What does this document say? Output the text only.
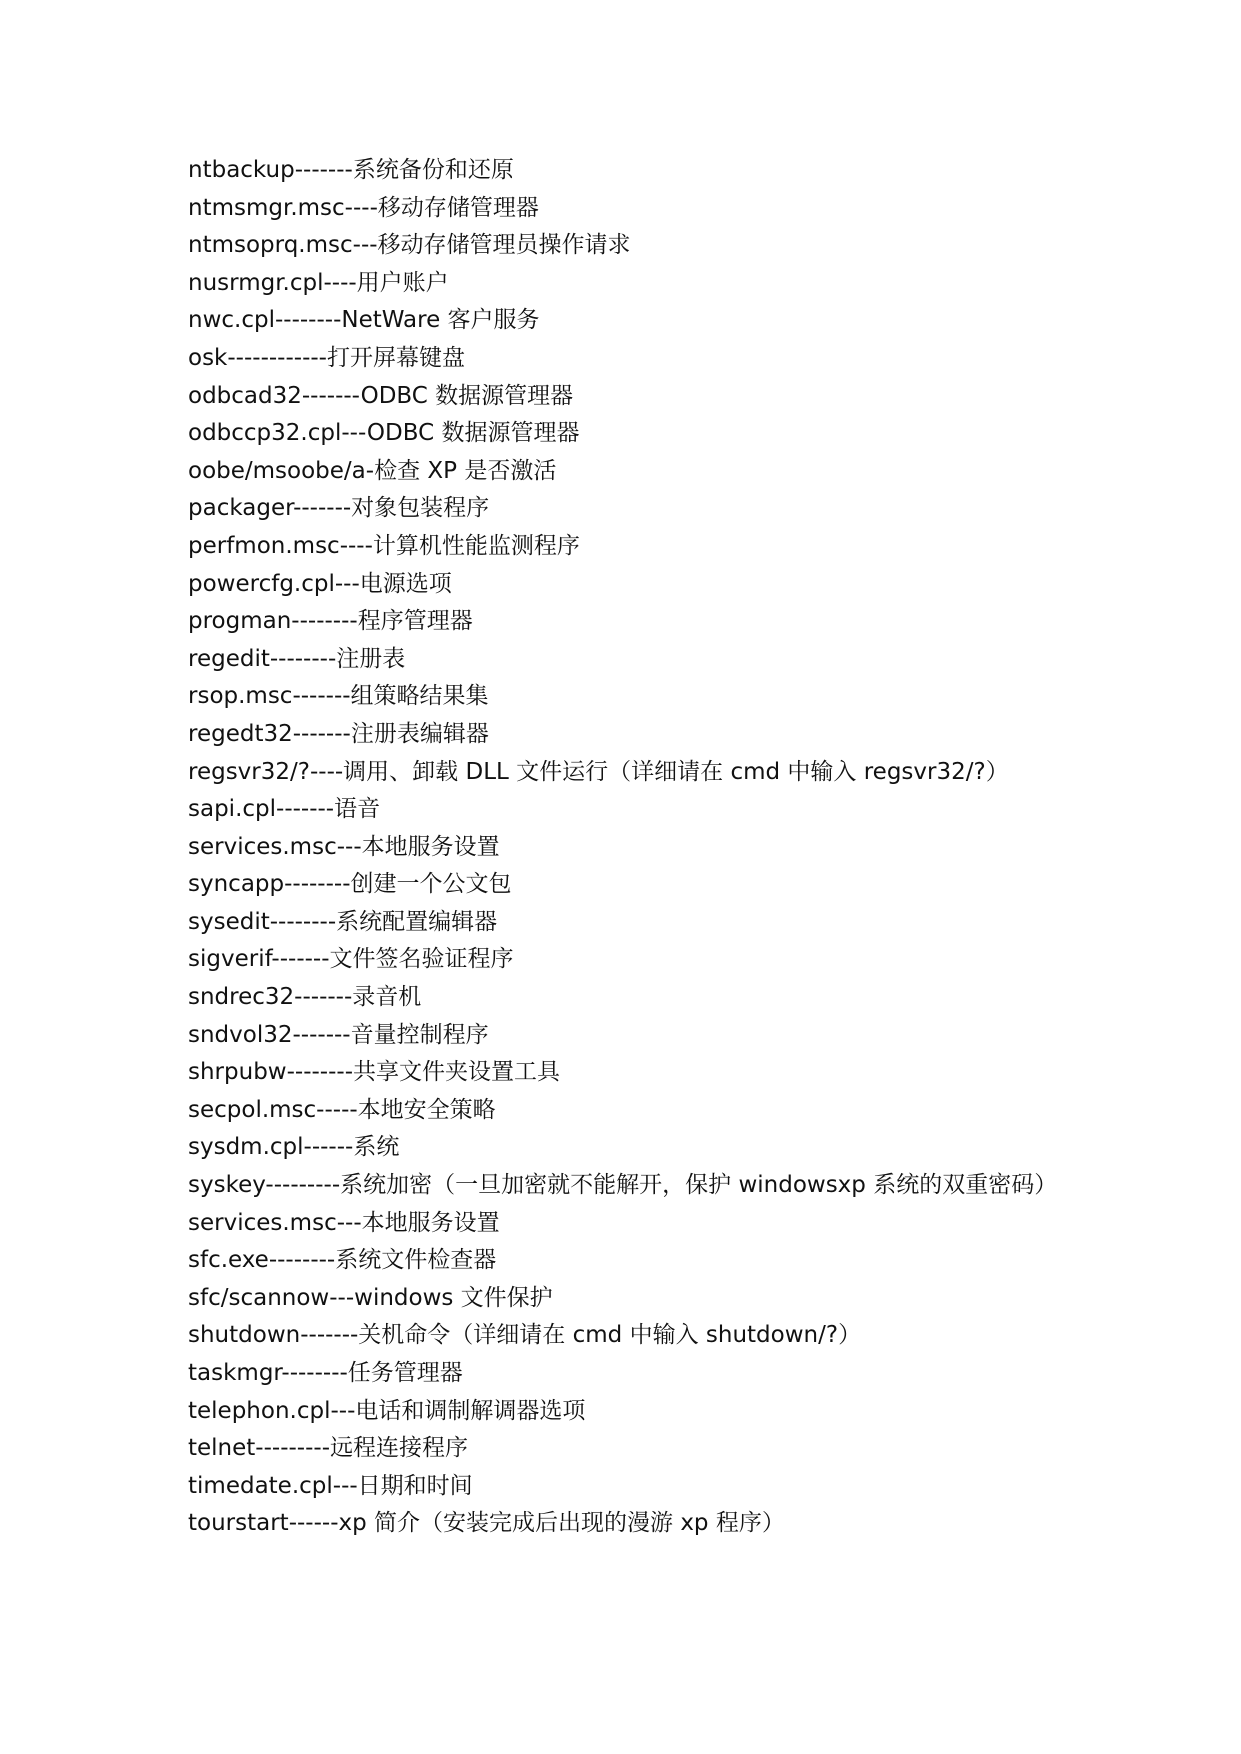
ntbackup-------系统备份和还原

ntmsmgr.msc----移动存储管理器

ntmsoprq.msc---移动存储管理员操作请求

nusrmgr.cpl----用户账户

nwc.cpl--------NetWare 客户服务

osk------------打开屏幕键盘

odbcad32-------ODBC 数据源管理器

odbccp32.cpl---ODBC 数据源管理器

oobe/msoobe/a-检查 XP 是否激活

packager-------对象包装程序

perfmon.msc----计算机性能监测程序

powercfg.cpl---电源选项

progman--------程序管理器

regedit--------注册表

rsop.msc-------组策略结果集

regedt32-------注册表编辑器

regsvr32/?----调用、卸载 DLL 文件运行（详细请在 cmd 中输入 regsvr32/?）

sapi.cpl-------语音

services.msc---本地服务设置

syncapp--------创建一个公文包

sysedit--------系统配置编辑器

sigverif-------文件签名验证程序

sndrec32-------录音机

sndvol32-------音量控制程序

shrpubw--------共享文件夹设置工具

secpol.msc-----本地安全策略

sysdm.cpl------系统

syskey---------系统加密（一旦加密就不能解开，保护 windowsxp 系统的双重密码）

services.msc---本地服务设置

sfc.exe--------系统文件检查器

sfc/scannow---windows 文件保护

shutdown-------关机命令（详细请在 cmd 中输入 shutdown/?）

taskmgr--------任务管理器

telephon.cpl---电话和调制解调器选项

telnet---------远程连接程序

timedate.cpl---日期和时间

tourstart------xp 简介（安装完成后出现的漫游 xp 程序）
